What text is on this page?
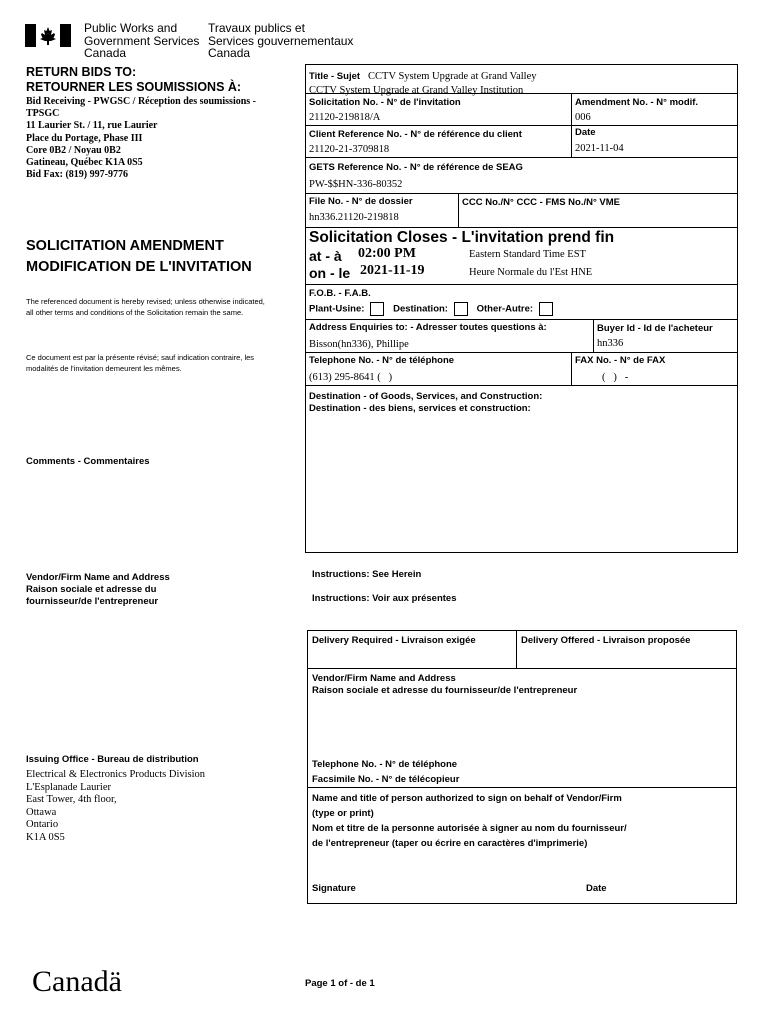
Public Works and
Government Services
Canada
Travaux publics et
Services gouvernementaux
Canada
RETURN BIDS TO:
RETOURNER LES SOUMISSIONS À:
Bid Receiving - PWGSC / Réception des soumissions -
TPSGC
11 Laurier St. / 11, rue Laurier
Place du Portage, Phase III
Core 0B2 / Noyau 0B2
Gatineau, Québec K1A 0S5
Bid Fax: (819) 997-9776
SOLICITATION AMENDMENT
MODIFICATION DE L'INVITATION
The referenced document is hereby revised; unless otherwise indicated, all other terms and conditions of the Solicitation remain the same.
Ce document est par la présente révisé; sauf indication contraire, les modalités de l'invitation demeurent les mêmes.
Comments - Commentaires
Vendor/Firm Name and Address
Raison sociale et adresse du
fournisseur/de l'entrepreneur
Issuing Office - Bureau de distribution
Electrical & Electronics Products Division
L'Esplanade Laurier
East Tower, 4th floor,
Ottawa
Ontario
K1A 0S5
Title - Sujet CCTV System Upgrade at Grand Valley
CCTV System Upgrade at Grand Valley Institution
Solicitation No. - N° de l'invitation
21120-219818/A
Amendment No. - N° modif.
006
Client Reference No. - N° de référence du client
21120-21-3709818
Date
2021-11-04
GETS Reference No. - N° de référence de SEAG
PW-$$HN-336-80352
File No. - N° de dossier
hn336.21120-219818
CCC No./N° CCC - FMS No./N° VME
Solicitation Closes - L'invitation prend fin
at - à 02:00 PM	Eastern Standard Time EST
on - le 2021-11-19	Heure Normale du l'Est HNE
F.O.B. - F.A.B.
Plant-Usine:	Destination:	Other-Autre:
Address Enquiries to: - Adresser toutes questions à:
Bisson(hn336), Phillipe
Buyer Id - Id de l'acheteur
hn336
Telephone No. - N° de téléphone
(613) 295-8641 (   )
FAX No. - N° de FAX
(   )   -
Destination - of Goods, Services, and Construction:
Destination - des biens, services et construction:
Instructions: See Herein
Instructions: Voir aux présentes
Delivery Required - Livraison exigée	Delivery Offered - Livraison proposée
Vendor/Firm Name and Address
Raison sociale et adresse du fournisseur/de l'entrepreneur
Telephone No. - N° de téléphone
Facsimile No. - N° de télécopieur
Name and title of person authorized to sign on behalf of Vendor/Firm
(type or print)
Nom et titre de la personne autorisée à signer au nom du fournisseur/
de l'entrepreneur (taper ou écrire en caractères d'imprimerie)
Signature	Date
Canadä	Page 1 of - de 1
